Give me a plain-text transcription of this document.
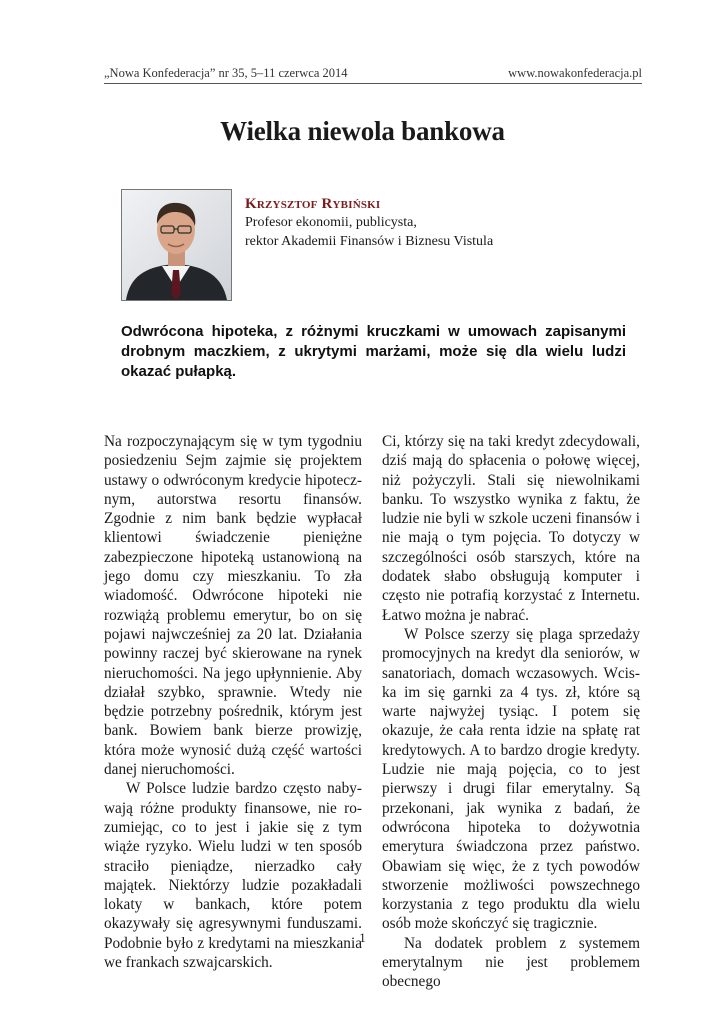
„Nowa Konfederacja” nr 35, 5–11 czerwca 2014	www.nowakonfederacja.pl
Wielka niewola bankowa
Krzysztof Rybiński
Profesor ekonomii, publicysta,
rektor Akademii Finansów i Biznesu Vistula
Odwrócona hipoteka, z różnymi kruczkami w umowach zapisanymi drobnym maczkiem, z ukrytymi marżami, może się dla wielu ludzi okazać pułapką.

Na rozpoczynającym się w tym tygodniu posiedzeniu Sejm zajmie się projektem ustawy o odwróconym kredycie hipotecznym, autorstwa resortu finansów. Zgodnie z nim bank będzie wypłacał klientowi świadczenie pieniężne zabezpieczone hipoteką ustanowioną na jego domu czy mieszkaniu. To zła wiadomość. Odwrócone hipoteki nie rozwiążą problemu emerytur, bo on się pojawi najwcześniej za 20 lat. Działania powinny raczej być skierowane na rynek nieruchomości. Na jego upłynnienie. Aby działał szybko, sprawnie. Wtedy nie będzie potrzebny pośrednik, którym jest bank. Bowiem bank bierze prowizję, która może wynosić dużą część wartości danej nieruchomości.

W Polsce ludzie bardzo często nabywają różne produkty finansowe, nie rozumiejąc, co to jest i jakie się z tym wiąże ryzyko. Wielu ludzi w ten sposób straciło pieniądze, nierzadko cały majątek. Niektórzy ludzie pozakładali lokaty w bankach, które potem okazywały się agresywnymi funduszami. Podobnie było z kredytami na mieszkania we frankach szwajcarskich.

Ci, którzy się na taki kredyt zdecydowali, dziś mają do spłacenia o połowę więcej, niż pożyczyli. Stali się niewolnikami banku. To wszystko wynika z faktu, że ludzie nie byli w szkole uczeni finansów i nie mają o tym pojęcia. To dotyczy w szczególności osób starszych, które na dodatek słabo obsługują komputer i często nie potrafią korzystać z Internetu. Łatwo można je nabrać.

W Polsce szerzy się plaga sprzedaży promocyjnych na kredyt dla seniorów, w sanatoriach, domach wczasowych. Wciska im się garnki za 4 tys. zł, które są warte najwyżej tysiąc. I potem się okazuje, że cała renta idzie na spłatę rat kredytowych. A to bardzo drogie kredyty. Ludzie nie mają pojęcia, co to jest pierwszy i drugi filar emerytalny. Są przekonani, jak wynika z badań, że odwrócona hipoteka to dożywotnia emerytura świadczona przez państwo. Obawiam się więc, że z tych powodów stworzenie możliwości powszechnego korzystania z tego produktu dla wielu osób może skończyć się tragicznie.

Na dodatek problem z systemem emerytalnym nie jest problemem obecnego

1
